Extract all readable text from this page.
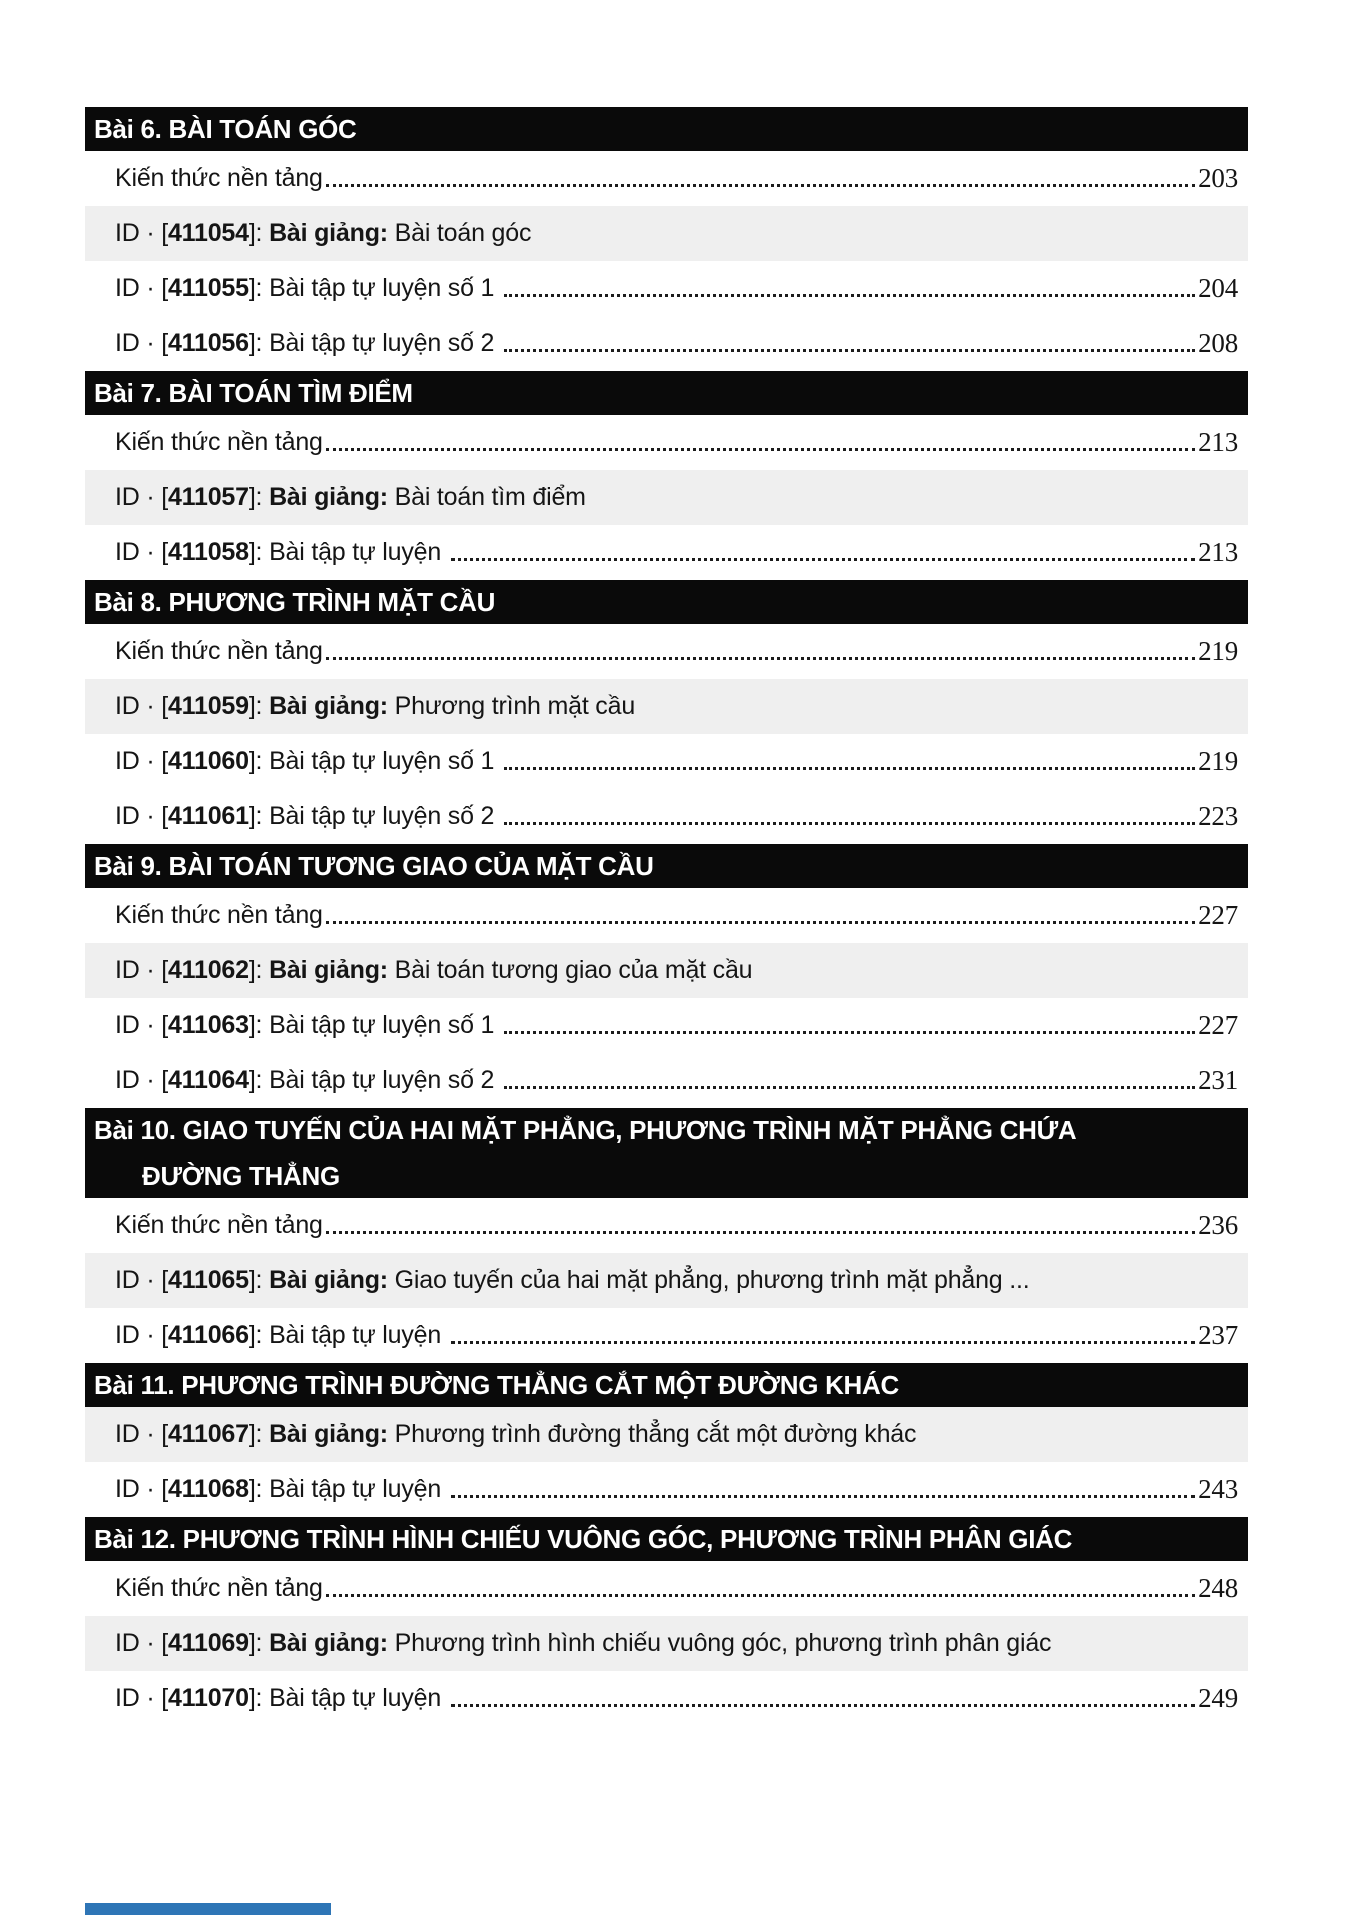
Bài 6. BÀI TOÁN GÓC
Kiến thức nền tảng	203
ID · [411054]: Bài giảng: Bài toán góc
ID · [411055]: Bài tập tự luyện số 1	204
ID · [411056]: Bài tập tự luyện số 2	208
Bài 7. BÀI TOÁN TÌM ĐIỂM
Kiến thức nền tảng	213
ID · [411057]: Bài giảng: Bài toán tìm điểm
ID · [411058]: Bài tập tự luyện	213
Bài 8. PHƯƠNG TRÌNH MẶT CẦU
Kiến thức nền tảng	219
ID · [411059]: Bài giảng: Phương trình mặt cầu
ID · [411060]: Bài tập tự luyện số 1	219
ID · [411061]: Bài tập tự luyện số 2	223
Bài 9. BÀI TOÁN TƯƠNG GIAO CỦA MẶT CẦU
Kiến thức nền tảng	227
ID · [411062]: Bài giảng: Bài toán tương giao của mặt cầu
ID · [411063]: Bài tập tự luyện số 1	227
ID · [411064]: Bài tập tự luyện số 2	231
Bài 10. GIAO TUYẾN CỦA HAI MẶT PHẲNG, PHƯƠNG TRÌNH MẶT PHẲNG CHỨA
ĐƯỜNG THẲNG
Kiến thức nền tảng	236
ID · [411065]: Bài giảng: Giao tuyến của hai mặt phẳng, phương trình mặt phẳng ...
ID · [411066]: Bài tập tự luyện	237
Bài 11. PHƯƠNG TRÌNH ĐƯỜNG THẲNG CẮT MỘT ĐƯỜNG KHÁC
ID · [411067]: Bài giảng: Phương trình đường thẳng cắt một đường khác
ID · [411068]: Bài tập tự luyện	243
Bài 12. PHƯƠNG TRÌNH HÌNH CHIẾU VUÔNG GÓC, PHƯƠNG TRÌNH PHÂN GIÁC
Kiến thức nền tảng	248
ID · [411069]: Bài giảng: Phương trình hình chiếu vuông góc, phương trình phân giác
ID · [411070]: Bài tập tự luyện	249
